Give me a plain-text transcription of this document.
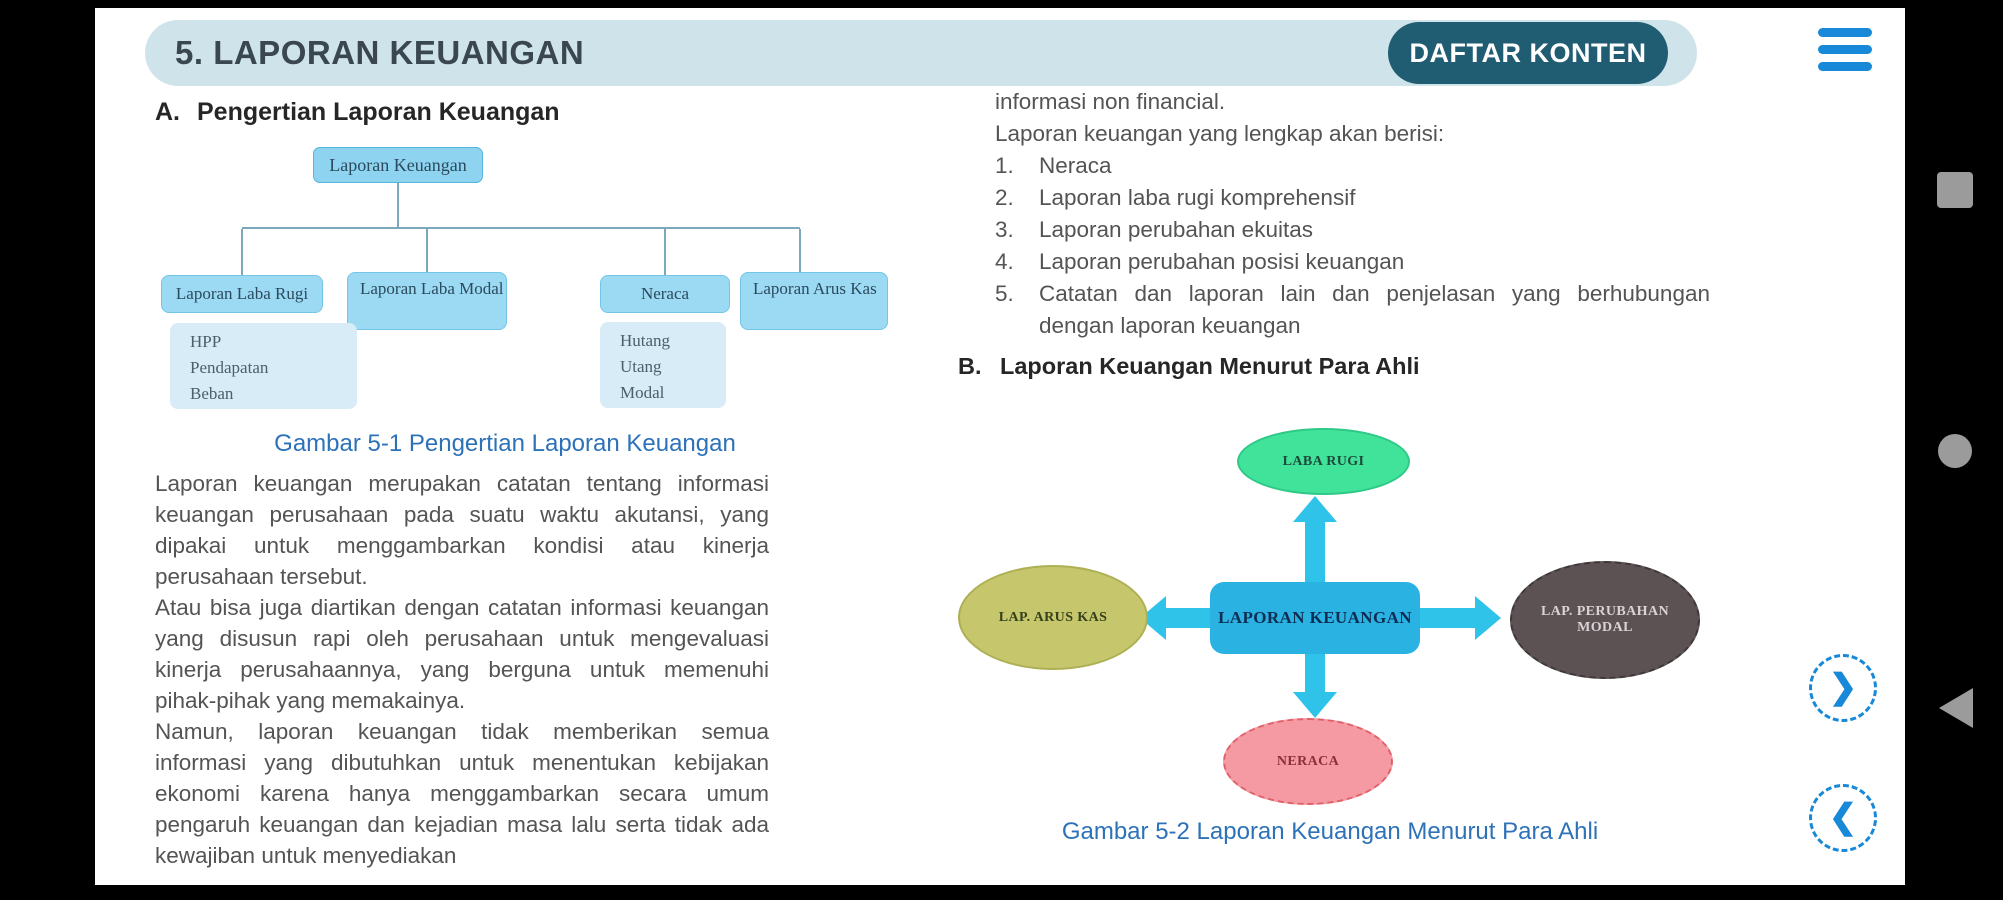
5. LAPORAN KEUANGAN	DAFTAR KONTEN
A. Pengertian Laporan Keuangan
Laporan Keuangan
Laporan Laba Rugi	Laporan Laba Modal	Neraca	Laporan Arus Kas
HPP
Pendapatan
Beban
Hutang
Utang
Modal
Gambar 5-1 Pengertian Laporan Keuangan

Laporan keuangan merupakan catatan tentang informasi keuangan perusahaan pada suatu waktu akutansi, yang dipakai untuk menggambarkan kondisi atau kinerja perusahaan tersebut.

Atau bisa juga diartikan dengan catatan informasi keuangan yang disusun rapi oleh perusahaan untuk mengevaluasi kinerja perusahaannya, yang berguna untuk memenuhi pihak-pihak yang memakainya.

Namun, laporan keuangan tidak memberikan semua informasi yang dibutuhkan untuk menentukan kebijakan ekonomi karena hanya menggambarkan secara umum pengaruh keuangan dan kejadian masa lalu serta tidak ada kewajiban untuk menyediakan

informasi non financial.
Laporan keuangan yang lengkap akan berisi:
1.	Neraca
2.	Laporan laba rugi komprehensif
3.	Laporan perubahan ekuitas
4.	Laporan perubahan posisi keuangan
5.	Catatan dan laporan lain dan penjelasan yang berhubungan dengan laporan keuangan
B. Laporan Keuangan Menurut Para Ahli
LABA RUGI
LAP. ARUS KAS	LAP. PERUBAHAN MODAL
NERACA
LAPORAN KEUANGAN
Gambar 5-2 Laporan Keuangan Menurut Para Ahli
❯
❮
